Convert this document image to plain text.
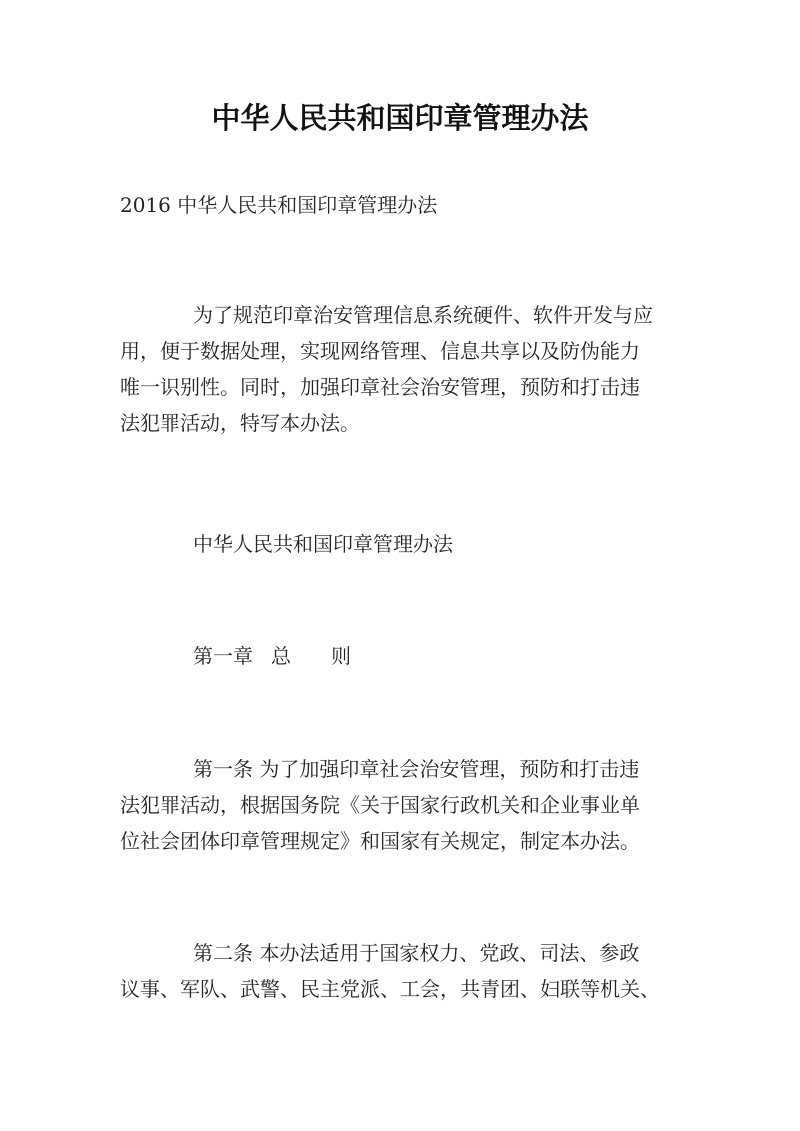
中华人民共和国印章管理办法
2016 中华人民共和国印章管理办法
为了规范印章治安管理信息系统硬件、软件开发与应
用，便于数据处理，实现网络管理、信息共享以及防伪能力
唯一识别性。同时，加强印章社会治安管理，预防和打击违
法犯罪活动，特写本办法。
中华人民共和国印章管理办法
第一章 总 则
第一条 为了加强印章社会治安管理，预防和打击违
法犯罪活动，根据国务院《关于国家行政机关和企业事业单
位社会团体印章管理规定》和国家有关规定，制定本办法。
第二条 本办法适用于国家权力、党政、司法、参政
议事、军队、武警、民主党派、工会，共青团、妇联等机关、
